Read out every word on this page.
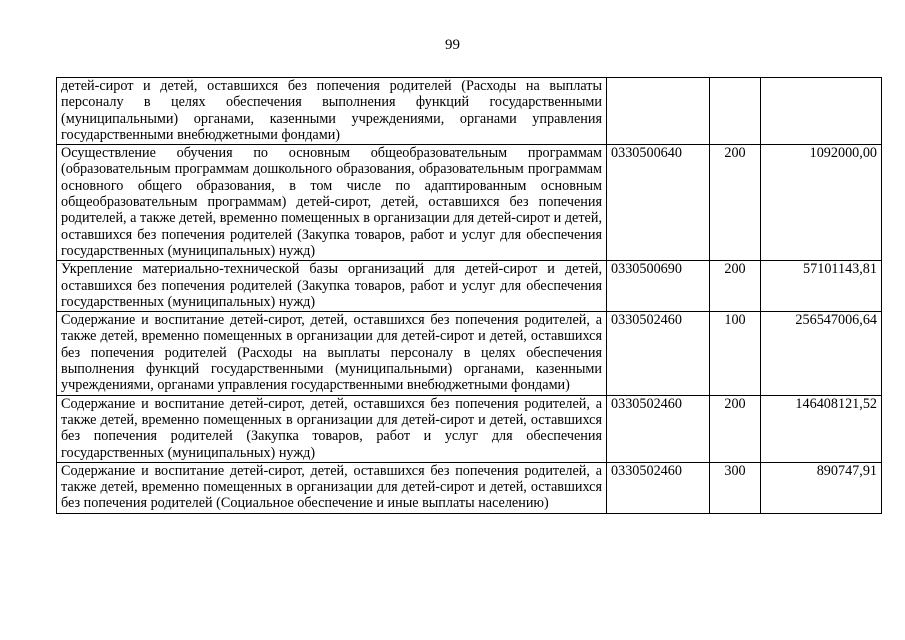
99
детей-сирот и детей, оставшихся без попечения родителей (Расходы на выплаты персоналу в целях обеспечения выполнения функций государственными (муниципальными) органами, казенными учреждениями, органами управления государственными внебюджетными фондами)			
Осуществление обучения по основным общеобразовательным программам (образовательным программам дошкольного образования, образовательным программам основного общего образования, в том числе по адаптированным основным общеобразовательным программам) детей-сирот, детей, оставшихся без попечения родителей, а также детей, временно помещенных в организации для детей-сирот и детей, оставшихся без попечения родителей (Закупка товаров, работ и услуг для обеспечения государственных (муниципальных) нужд)	0330500640	200	1092000,00
Укрепление материально-технической базы организаций для детей-сирот и детей, оставшихся без попечения родителей (Закупка товаров, работ и услуг для обеспечения государственных (муниципальных) нужд)	0330500690	200	57101143,81
Содержание и воспитание детей-сирот, детей, оставшихся без попечения родителей, а также детей, временно помещенных в организации для детей-сирот и детей, оставшихся без попечения родителей (Расходы на выплаты персоналу в целях обеспечения выполнения функций государственными (муниципальными) органами, казенными учреждениями, органами управления государственными внебюджетными фондами)	0330502460	100	256547006,64
Содержание и воспитание детей-сирот, детей, оставшихся без попечения родителей, а также детей, временно помещенных в организации для детей-сирот и детей, оставшихся без попечения родителей (Закупка товаров, работ и услуг для обеспечения государственных (муниципальных) нужд)	0330502460	200	146408121,52
Содержание и воспитание детей-сирот, детей, оставшихся без попечения родителей, а также детей, временно помещенных в организации для детей-сирот и детей, оставшихся без попечения родителей (Социальное обеспечение и иные выплаты населению)	0330502460	300	890747,91
